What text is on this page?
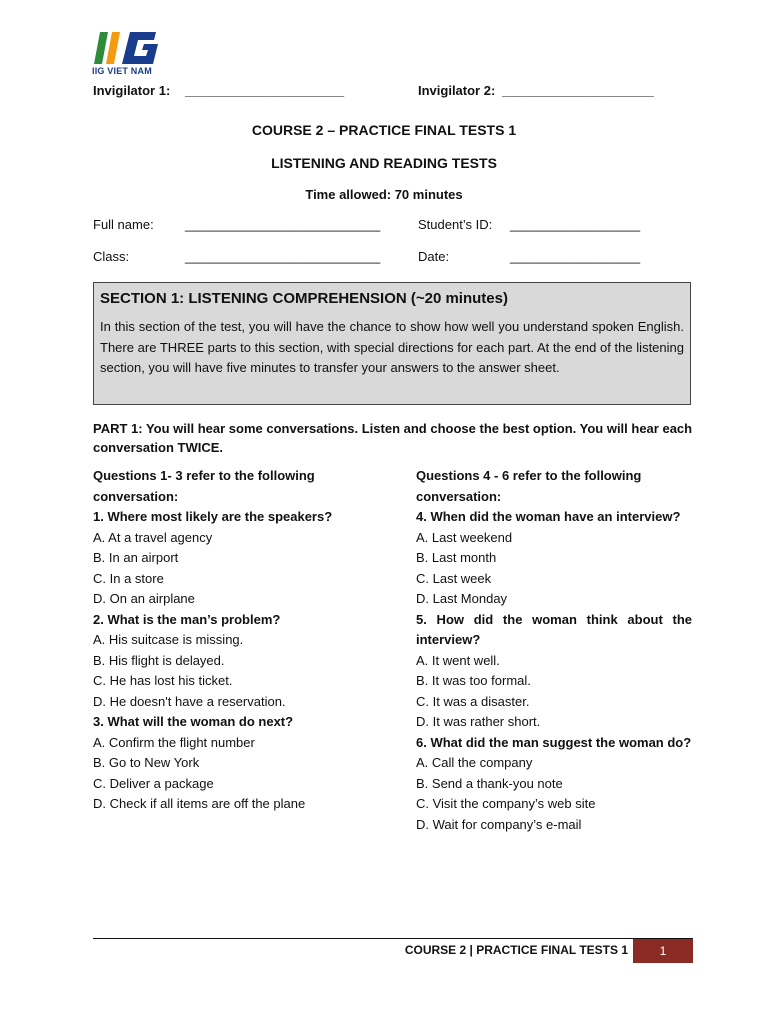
IIG VIET NAM
Invigilator 1: ______________________	Invigilator 2: _____________________
COURSE 2 – PRACTICE FINAL TESTS 1
LISTENING AND READING TESTS
Time allowed: 70 minutes
Full name: ___________________________	Student’s ID: __________________
Class:	___________________________	Date:	__________________
SECTION 1: LISTENING COMPREHENSION (~20 minutes)
In this section of the test, you will have the chance to show how well you understand spoken English. There are THREE parts to this section, with special directions for each part. At the end of the listening section, you will have five minutes to transfer your answers to the answer sheet.
PART 1: You will hear some conversations. Listen and choose the best option. You will hear each conversation TWICE.
Questions 1- 3 refer to the following conversation:
1. Where most likely are the speakers?
A. At a travel agency
B. In an airport
C. In a store
D. On an airplane
2. What is the man’s problem?
A. His suitcase is missing.
B. His flight is delayed.
C. He has lost his ticket.
D. He doesn't have a reservation.
3. What will the woman do next?
A. Confirm the flight number
B. Go to New York
C. Deliver a package
D. Check if all items are off the plane
Questions 4 - 6 refer to the following conversation:
4. When did the woman have an interview?
A. Last weekend
B. Last month
C. Last week
D. Last Monday
5. How did the woman think about the interview?
A. It went well.
B. It was too formal.
C. It was a disaster.
D. It was rather short.
6. What did the man suggest the woman do?
A. Call the company
B. Send a thank-you note
C. Visit the company’s web site
D. Wait for company’s e-mail
COURSE 2 | PRACTICE FINAL TESTS 1	1
